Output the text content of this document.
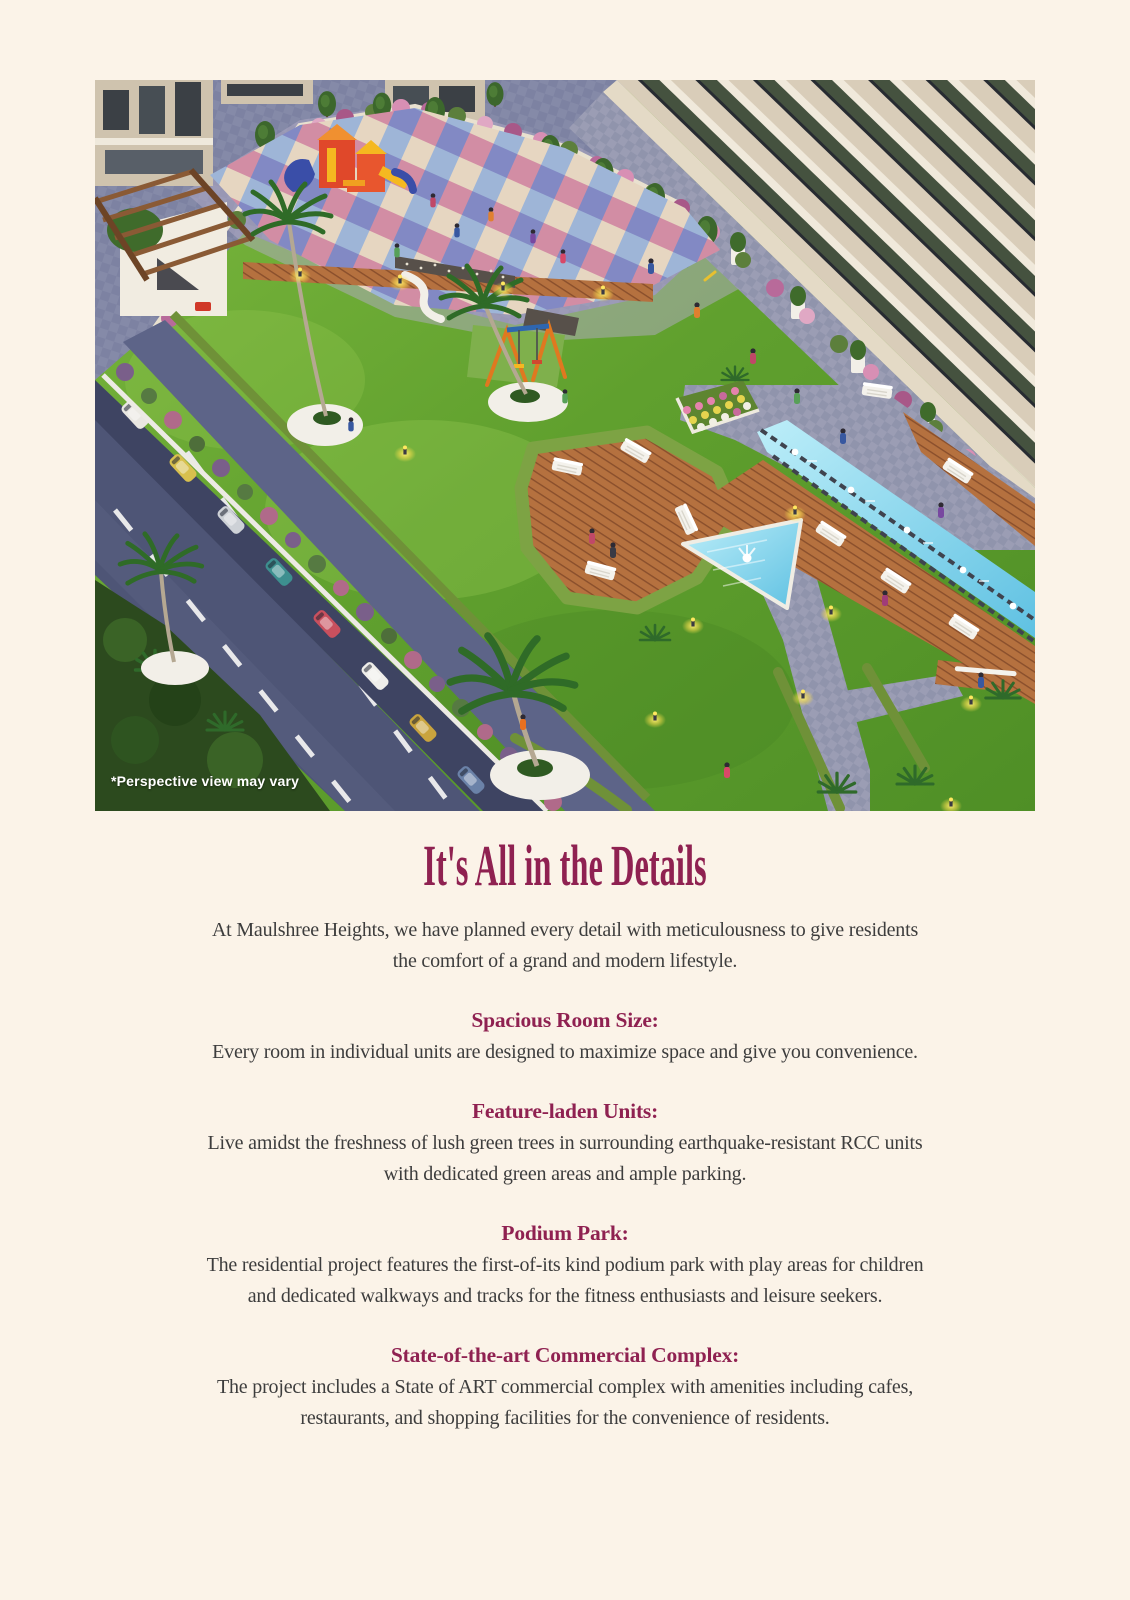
*Perspective view may vary
It's All in the Details
At Maulshree Heights, we have planned every detail with meticulousness to give residents
the comfort of a grand and modern lifestyle.
Spacious Room Size:
Every room in individual units are designed to maximize space and give you convenience.
Feature-laden Units:
Live amidst the freshness of lush green trees in surrounding earthquake-resistant RCC units
with dedicated green areas and ample parking.
Podium Park:
The residential project features the first-of-its kind podium park with play areas for children
and dedicated walkways and tracks for the fitness enthusiasts and leisure seekers.
State-of-the-art Commercial Complex:
The project includes a State of ART commercial complex with amenities including cafes,
restaurants, and shopping facilities for the convenience of residents.
